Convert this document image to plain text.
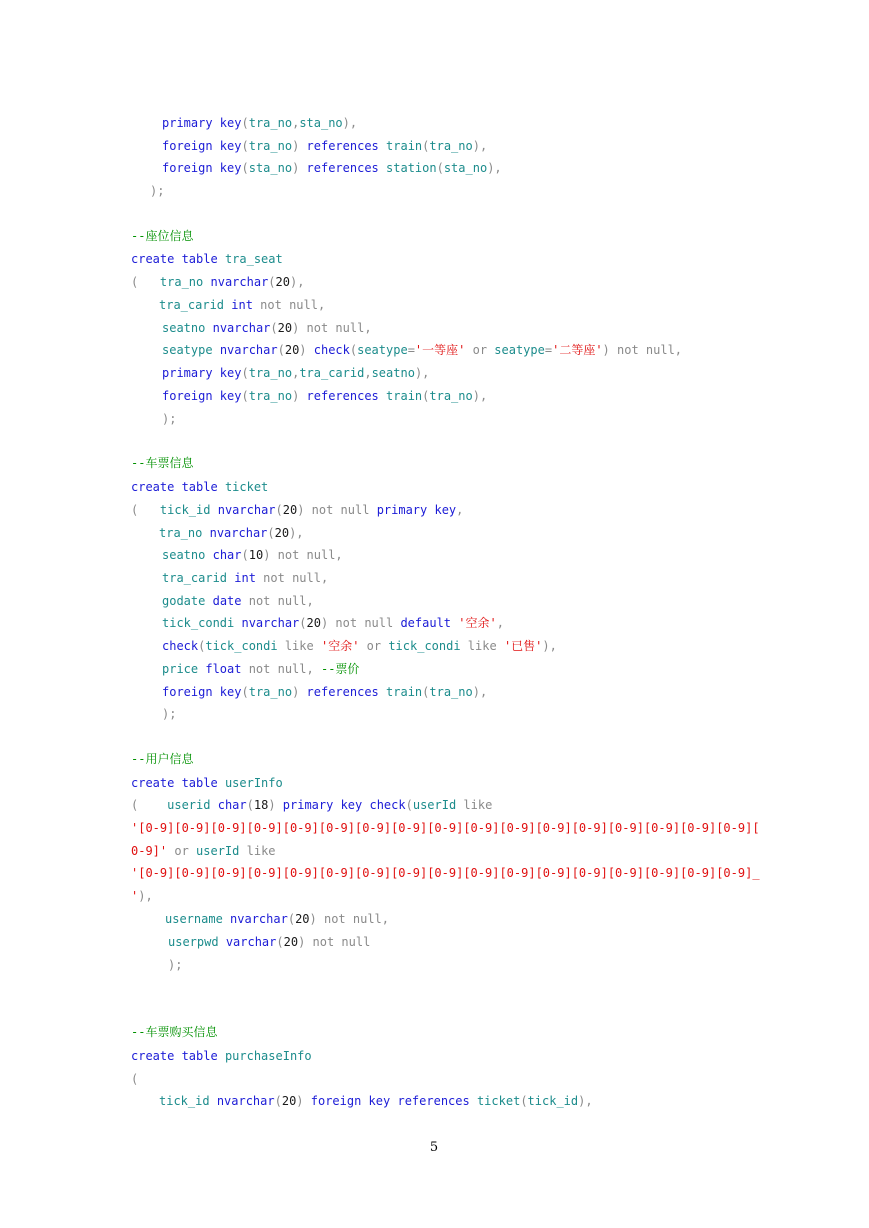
primary key(tra_no,sta_no),
foreign key(tra_no) references train(tra_no),
foreign key(sta_no) references station(sta_no),
);
--座位信息
create table tra_seat
(   tra_no nvarchar(20),
tra_carid int not null,
seatno nvarchar(20) not null,
seatype nvarchar(20) check(seatype='一等座' or seatype='二等座') not null,
primary key(tra_no,tra_carid,seatno),
foreign key(tra_no) references train(tra_no),
);
--车票信息
create table ticket
(   tick_id nvarchar(20) not null primary key,
tra_no nvarchar(20),
seatno char(10) not null,
tra_carid int not null,
godate date not null,
tick_condi nvarchar(20) not null default '空余',
check(tick_condi like '空余' or tick_condi like '已售'),
price float not null, --票价
foreign key(tra_no) references train(tra_no),
);
--用户信息
create table userInfo
(    userid char(18) primary key check(userId like
'[0-9][0-9][0-9][0-9][0-9][0-9][0-9][0-9][0-9][0-9][0-9][0-9][0-9][0-9][0-9][0-9][0-9][
0-9]' or userId like
'[0-9][0-9][0-9][0-9][0-9][0-9][0-9][0-9][0-9][0-9][0-9][0-9][0-9][0-9][0-9][0-9][0-9]_
'),
username nvarchar(20) not null,
userpwd varchar(20) not null
);
--车票购买信息
create table purchaseInfo
(
tick_id nvarchar(20) foreign key references ticket(tick_id),
5
